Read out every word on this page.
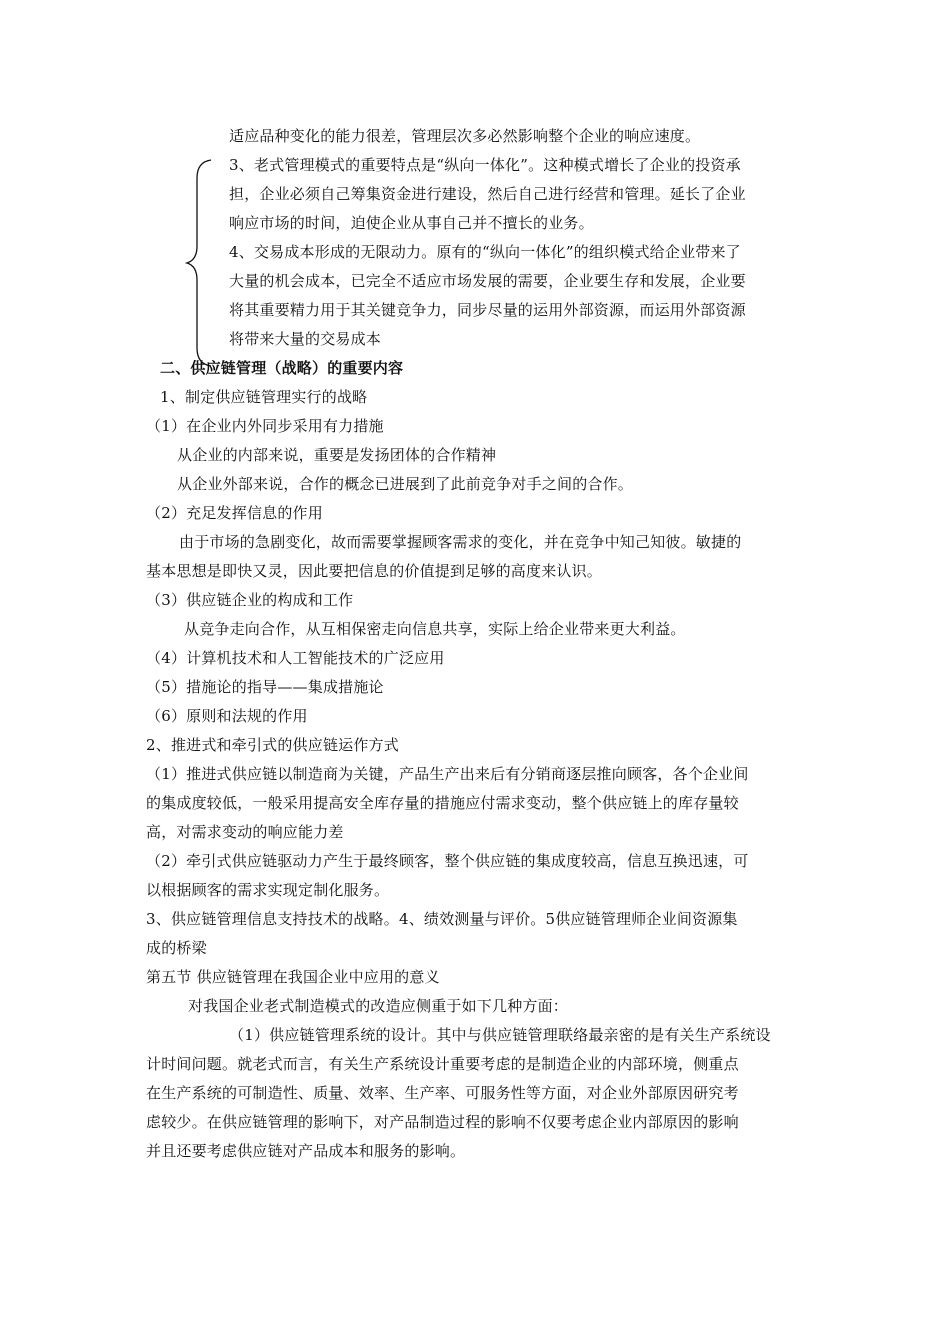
适应品种变化的能力很差，管理层次多必然影响整个企业的响应速度。
3、老式管理模式的重要特点是“纵向一体化”。这种模式增长了企业的投资承
担，企业必须自己筹集资金进行建设，然后自己进行经营和管理。延长了企业
响应市场的时间，迫使企业从事自己并不擅长的业务。
4、交易成本形成的无限动力。原有的“纵向一体化”的组织模式给企业带来了
大量的机会成本，已完全不适应市场发展的需要，企业要生存和发展，企业要
将其重要精力用于其关键竞争力，同步尽量的运用外部资源，而运用外部资源
将带来大量的交易成本
二、供应链管理（战略）的重要内容
1、制定供应链管理实行的战略
（1）在企业内外同步采用有力措施
从企业的内部来说，重要是发扬团体的合作精神
从企业外部来说，合作的概念已进展到了此前竞争对手之间的合作。
（2）充足发挥信息的作用
由于市场的急剧变化，故而需要掌握顾客需求的变化，并在竞争中知己知彼。敏捷的
基本思想是即快又灵，因此要把信息的价值提到足够的高度来认识。
（3）供应链企业的构成和工作
从竞争走向合作，从互相保密走向信息共享，实际上给企业带来更大利益。
（4）计算机技术和人工智能技术的广泛应用
（5）措施论的指导——集成措施论
（6）原则和法规的作用
2、推进式和牵引式的供应链运作方式
（1）推进式供应链以制造商为关键，产品生产出来后有分销商逐层推向顾客，各个企业间
的集成度较低，一般采用提高安全库存量的措施应付需求变动，整个供应链上的库存量较
高，对需求变动的响应能力差
（2）牵引式供应链驱动力产生于最终顾客，整个供应链的集成度较高，信息互换迅速，可
以根据顾客的需求实现定制化服务。
3、供应链管理信息支持技术的战略。4、绩效测量与评价。5供应链管理师企业间资源集
成的桥梁
第五节 供应链管理在我国企业中应用的意义
对我国企业老式制造模式的改造应侧重于如下几种方面：
（1）供应链管理系统的设计。其中与供应链管理联络最亲密的是有关生产系统设
计时间问题。就老式而言，有关生产系统设计重要考虑的是制造企业的内部环境，侧重点
在生产系统的可制造性、质量、效率、生产率、可服务性等方面，对企业外部原因研究考
虑较少。在供应链管理的影响下，对产品制造过程的影响不仅要考虑企业内部原因的影响
并且还要考虑供应链对产品成本和服务的影响。
